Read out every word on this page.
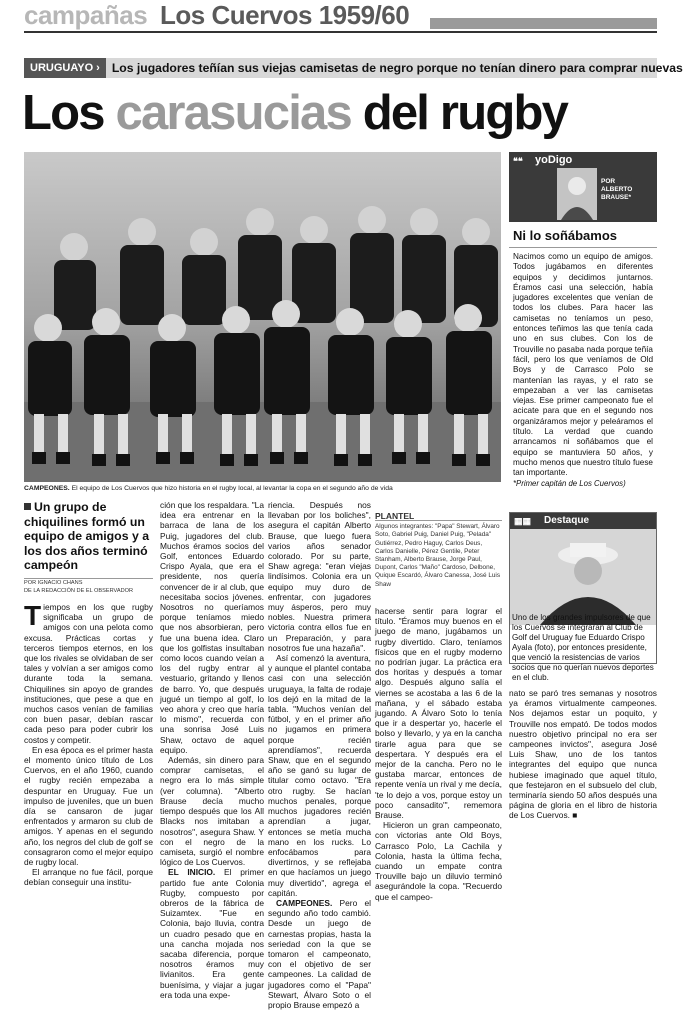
campañas Los Cuervos 1959/60
URUGUAYO ›	Los jugadores teñían sus viejas camisetas de negro porque no tenían dinero para comprar nuevas
Los carasucias del rugby
CAMPEONES. El equipo de Los Cuervos que hizo historia en el rugby local, al levantar la copa en el segundo año de vida
❝❝ yoDigo
POR
ALBERTO BRAUSE*
Ni lo soñábamos
Nacimos como un equipo de amigos. Todos jugábamos en diferentes equipos y decidimos juntarnos. Éramos casi una selección, había jugadores excelentes que venían de todos los clubes. Para hacer las camisetas no teníamos un peso, entonces teñimos las que tenía cada uno en sus clubes. Con los de Trouville no pasaba nada porque teñía fácil, pero los que veníamos de Old Boys y de Carrasco Polo se mantenían las rayas, y el rato se empezaban a ver las camisetas viejas. Ese primer campeonato fue el acicate para que en el segundo nos organizáramos mejor y peleáramos el título. La verdad que cuando arrancamos ni soñábamos que el equipo se mantuviera 50 años, y mucho menos que nuestro título fuese tan importante.
*Primer capitán de Los Cuervos)
▦▦ Destaque
Uno de los grandes impulsores de que los Cuervos se integraran al Club de Golf del Uruguay fue Eduardo Crispo Ayala (foto), por entonces presidente, que venció la resistencias de varios socios que no querían nuevos deportes en el club.
Un grupo de chiquilines formó un equipo de amigos y a los dos años terminó campeón
POR IGNACIO CHANS
DE LA REDACCIÓN DE EL OBSERVADOR

Tiempos en los que rugby significaba un grupo de amigos con una pelota como excusa. Prácticas cortas y terceros tiempos eternos, en los que los rivales se olvidaban de ser tales y volvían a ser amigos como durante toda la semana. Chiquilines sin apoyo de grandes instituciones, que pese a que en muchos casos venían de familias con buen pasar, debían rascar cada peso para poder cubrir los costos y competir.

En esa época es el primer hasta el momento único título de Los Cuervos, en el año 1960, cuando el rugby recién empezaba a despuntar en Uruguay. Fue un impulso de juveniles, que un buen día se cansaron de jugar enfrentados y armaron su club de amigos. Y apenas en el segundo año, los negros del club de golf se consagraron como el mejor equipo de rugby local.

El arranque no fue fácil, porque debían conseguir una institu-

ción que los respaldara. "La idea era entrenar en la barraca de lana de los Puig, jugadores del club. Muchos éramos socios del Golf, entonces Eduardo Crispo Ayala, que era el presidente, nos quería convencer de ir al club, que necesitaba socios jóvenes. Nosotros no queríamos porque teníamos miedo que nos absorbieran, pero fue una buena idea. Claro que los golfistas insultaban como locos cuando veían a los del rugby entrar al vestuario, gritando y llenos de barro. Yo, que después jugué un tiempo al golf, lo veo ahora y creo que haría lo mismo", recuerda con una sonrisa José Luis Shaw, octavo de aquel equipo.

Además, sin dinero para comprar camisetas, el negro era lo más simple (ver columna). "Alberto Brause decía mucho tiempo después que los All Blacks nos imitaban a nosotros", asegura Shaw. Y con el negro de la camiseta, surgió el nombre lógico de Los Cuervos.

EL INICIO. El primer partido fue ante Colonia Rugby, compuesto por obreros de la fábrica de Suizamtex. "Fue en Colonia, bajo lluvia, contra un cuadro pesado que en una cancha mojada nos sacaba diferencia, porque nosotros éramos muy livianitos. Era gente buenísima, y viajar a jugar era toda una expe-

riencia. Después nos llevaban por los boliches", asegura el capitán Alberto Brause, que luego fuera varios años senador colorado. Por su parte, Shaw agrega: "eran viejas lindísimos. Colonia era un equipo muy duro de enfrentar, con jugadores muy ásperos, pero muy nobles. Nuestra primera victoria contra ellos fue en un Preparación, y para nosotros fue una hazaña".

Así comenzó la aventura, y aunque el plantel contaba casi con una selección uruguaya, la falta de rodaje los dejó en la mitad de la tabla. "Muchos venían del fútbol, y en el primer año no jugamos en primera porque recién aprendíamos", recuerda Shaw, que en el segundo año se ganó su lugar de titular como octavo. "Era otro rugby. Se hacían muchos penales, porque muchos jugadores recién aprendían a jugar, entonces se metía mucha mano en los rucks. Lo enfocábamos para divertirnos, y se reflejaba en que hacíamos un juego muy divertido", agrega el capitán.

CAMPEONES. Pero el segundo año todo cambió. Desde un juego de carnestas propias, hasta la seriedad con la que se tomaron el campeonato, con el objetivo de ser campeones. La calidad de jugadores como el "Papa" Stewart, Álvaro Soto o el propio Brause empezó a

PLANTEL
Algunos integrantes: "Papa" Stewart, Álvaro Soto, Gabriel Puig, Daniel Puig, "Pelada" Gutiérrez, Pedro Haguy, Carlos Deus, Carlos Danielle, Pérez Gentile, Peter Stanham, Alberto Brause, Jorge Paul, Dupont, Carlos "Maño" Cardoso, Delbone, Quique Escardó, Álvaro Canessa, José Luis Shaw

hacerse sentir para lograr el título. "Éramos muy buenos en el juego de mano, jugábamos un rugby divertido. Claro, teníamos físicos que en el rugby moderno no podrían jugar. La práctica era dos horitas y después a tomar algo. Después alguno salía el viernes se acostaba a las 6 de la mañana, y el sábado estaba jugando. A Álvaro Soto lo tenía que ir a despertar yo, hacerle el bolso y llevarlo, y ya en la cancha tirarle agua para que se despertara. Y después era el mejor de la cancha. Pero no le gustaba marcar, entonces de repente venía un rival y me decía, 'te lo dejo a vos, porque estoy un poco cansadito'", rememora Brause.

Hicieron un gran campeonato, con victorias ante Old Boys, Carrasco Polo, La Cachila y Colonia, hasta la última fecha, cuando un empate contra Trouville bajo un diluvio terminó asegurándole la copa. "Recuerdo que el campeo-

nato se paró tres semanas y nosotros ya éramos virtualmente campeones. Nos dejamos estar un poquito, y Trouville nos empató. De todos modos nuestro objetivo principal no era ser campeones invictos", asegura José Luis Shaw, uno de los tantos integrantes del equipo que nunca hubiese imaginado que aquel título, que festejaron en el subsuelo del club, terminaría siendo 50 años después una página de gloria en el libro de historia de Los Cuervos. ■
